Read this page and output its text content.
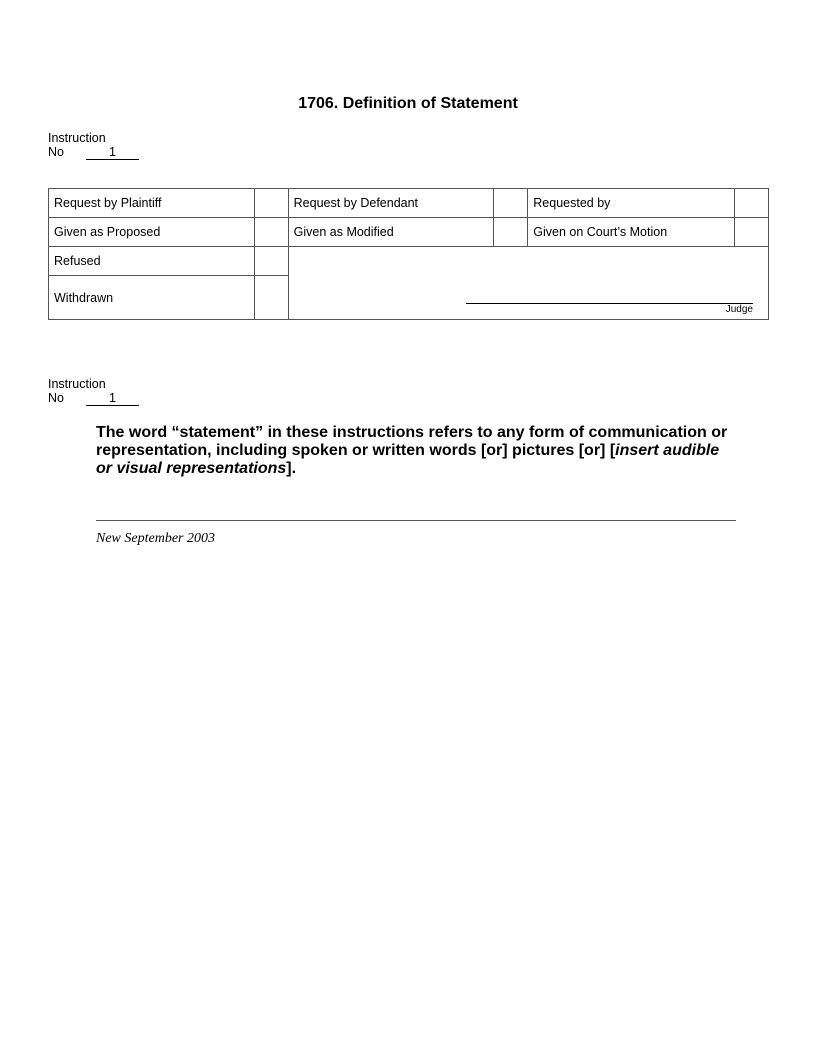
1706. Definition of Statement
Instruction
No	1
Request by Plaintiff		Request by Defendant		Requested by	
Given as Proposed		Given as Modified		Given on Court’s Motion	
Refused		Judge			

Withdrawn					
Instruction
No	1
The word “statement” in these instructions refers to any form of communication or representation, including spoken or written words [or] pictures [or] [insert audible or visual representations].
New September 2003
